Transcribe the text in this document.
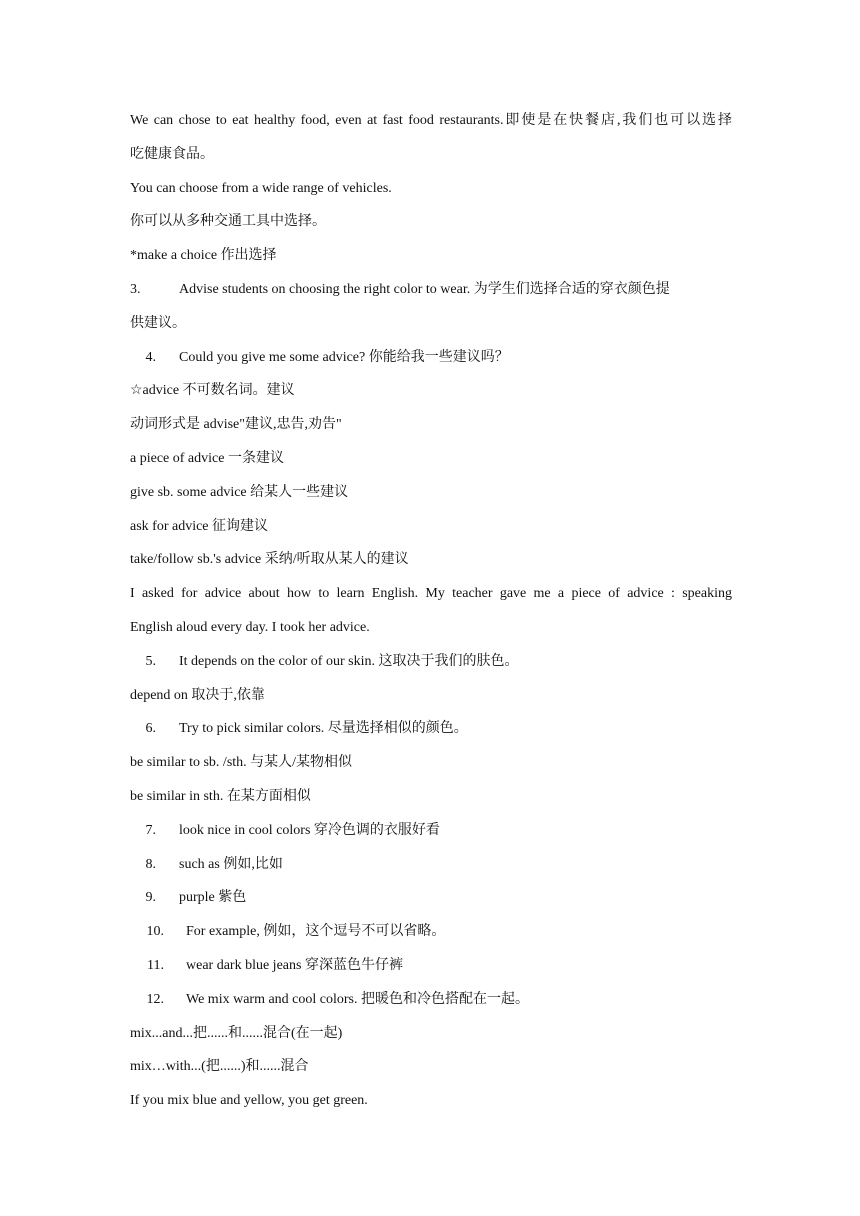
We can chose to eat healthy food, even at fast food restaurants.即使是在快餐店,我们也可以选择
吃健康食品。
You can choose from a wide range of vehicles.
你可以从多种交通工具中选择。
*make a choice 作出选择
3.	Advise students on choosing the right color to wear. 为学生们选择合适的穿衣颜色提
供建议。
4. Could you give me some advice? 你能给我一些建议吗？
☆advice 不可数名词。建议
动词形式是 advise"建议,忠告,劝告"
a piece of advice 一条建议
give sb. some advice 给某人一些建议
ask for advice 征询建议
take/follow sb.'s advice 采纳/听取从某人的建议
I asked for advice about how to learn English. My teacher gave me a piece of advice : speaking
English aloud every day. I took her advice.
5. It depends on the color of our skin. 这取决于我们的肤色。
depend on 取决于,依靠
6. Try to pick similar colors. 尽量选择相似的颜色。
be similar to sb. /sth. 与某人/某物相似
be similar in sth. 在某方面相似
7. look nice in cool colors 穿冷色调的衣服好看
8. such as 例如,比如
9. purple 紫色
10. For example, 例如，这个逗号不可以省略。
11. wear dark blue jeans 穿深蓝色牛仔裤
12. We mix warm and cool colors. 把暖色和冷色搭配在一起。
mix...and...把......和......混合(在一起)
mix…with...(把......)和......混合
If you mix blue and yellow, you get green.
